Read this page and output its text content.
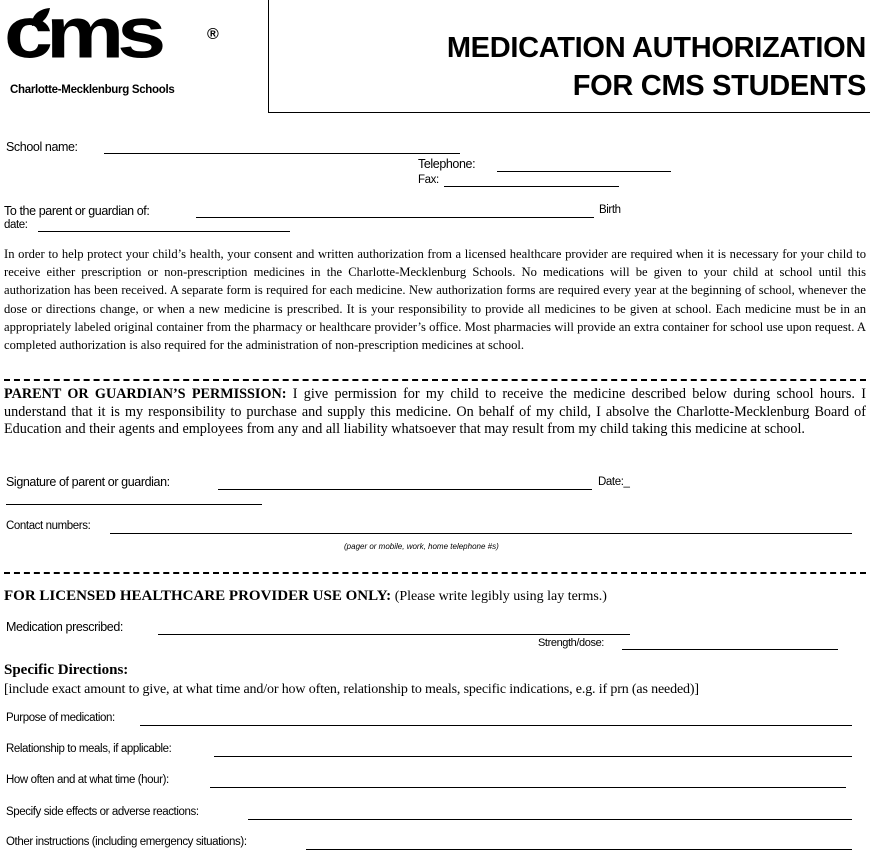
cms	®
Charlotte-Mecklenburg Schools
MEDICATION AUTHORIZATION
FOR CMS STUDENTS
School name:
Telephone:
Fax:
To the parent or guardian of:	Birth
date:
In order to help protect your child’s health, your consent and written authorization from a licensed healthcare provider are required when it is necessary for your child to receive either prescription or non-prescription medicines in the Charlotte-Mecklenburg Schools. No medications will be given to your child at school until this authorization has been received. A separate form is required for each medicine. New authorization forms are required every year at the beginning of school, whenever the dose or directions change, or when a new medicine is prescribed. It is your responsibility to provide all medicines to be given at school. Each medicine must be in an appropriately labeled original container from the pharmacy or healthcare provider’s office. Most pharmacies will provide an extra container for school use upon request. A completed authorization is also required for the administration of non-prescription medicines at school.
PARENT OR GUARDIAN’S PERMISSION: I give permission for my child to receive the medicine described below during school hours. I understand that it is my responsibility to purchase and supply this medicine. On behalf of my child, I absolve the Charlotte-Mecklenburg Board of Education and their agents and employees from any and all liability whatsoever that may result from my child taking this medicine at school.
Signature of parent or guardian:	Date:_
Contact numbers:
(pager or mobile, work, home telephone #s)
FOR LICENSED HEALTHCARE PROVIDER USE ONLY: (Please write legibly using lay terms.)
Medication prescribed:
Strength/dose:
Specific Directions:
[include exact amount to give, at what time and/or how often, relationship to meals, specific indications, e.g. if prn (as needed)]
Purpose of medication:
Relationship to meals, if applicable:
How often and at what time (hour):
Specify side effects or adverse reactions:
Other instructions (including emergency situations):
